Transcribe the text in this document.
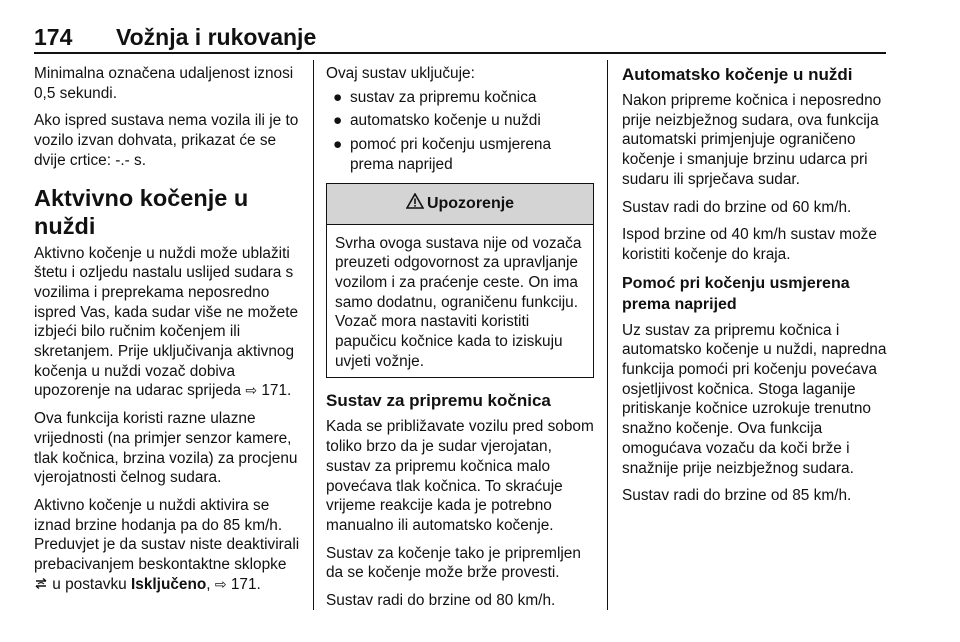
174 Vožnja i rukovanje

Minimalna označena udaljenost iznosi 0,5 sekundi.

Ako ispred sustava nema vozila ili je to vozilo izvan dohvata, prikazat će se dvije crtice: -.- s.

Aktvivno kočenje u nuždi

Aktivno kočenje u nuždi može ublažiti štetu i ozljedu nastalu uslijed sudara s vozilima i preprekama neposredno ispred Vas, kada sudar više ne možete izbjeći bilo ručnim kočenjem ili skretanjem. Prije uključivanja aktivnog kočenja u nuždi vozač dobiva upozorenje na udarac sprijeda ⇨ 171.

Ova funkcija koristi razne ulazne vrijednosti (na primjer senzor kamere, tlak kočnica, brzina vozila) za procjenu vjerojatnosti čelnog sudara.

Aktivno kočenje u nuždi aktivira se iznad brzine hodanja pa do 85 km/h. Preduvjet je da sustav niste deaktivirali prebacivanjem beskontaktne sklopke  u postavku Isključeno, ⇨ 171.

Ovaj sustav uključuje:

● sustav za pripremu kočnica
● automatsko kočenje u nuždi
● pomoć pri kočenju usmjerena prema naprijed
Upozorenje

Svrha ovoga sustava nije od vozača preuzeti odgovornost za upravljanje vozilom i za praćenje ceste. On ima samo dodatnu, ograničenu funkciju. Vozač mora nastaviti koristiti papučicu kočnice kada to iziskuju uvjeti vožnje.

Sustav za pripremu kočnica

Kada se približavate vozilu pred sobom toliko brzo da je sudar vjerojatan, sustav za pripremu kočnica malo povećava tlak kočnica. To skraćuje vrijeme reakcije kada je potrebno manualno ili automatsko kočenje.

Sustav za kočenje tako je pripremljen da se kočenje može brže provesti.

Sustav radi do brzine od 80 km/h.

Automatsko kočenje u nuždi

Nakon pripreme kočnica i neposredno prije neizbježnog sudara, ova funkcija automatski primjenjuje ograničeno kočenje i smanjuje brzinu udarca pri sudaru ili sprječava sudar.

Sustav radi do brzine od 60 km/h.

Ispod brzine od 40 km/h sustav može koristiti kočenje do kraja.

Pomoć pri kočenju usmjerena prema naprijed

Uz sustav za pripremu kočnica i automatsko kočenje u nuždi, napredna funkcija pomoći pri kočenju povećava osjetljivost kočnica. Stoga laganije pritiskanje kočnice uzrokuje trenutno snažno kočenje. Ova funkcija omogućava vozaču da koči brže i snažnije prije neizbježnog sudara.

Sustav radi do brzine od 85 km/h.
